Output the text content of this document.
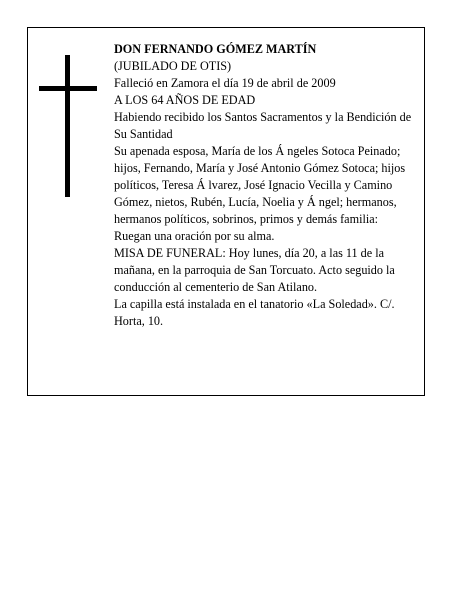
DON FERNANDO GÓMEZ MARTÍN

(JUBILADO DE OTIS)

Falleció en Zamora el día 19 de abril de 2009

A LOS 64 AÑOS DE EDAD

Habiendo recibido los Santos Sacramentos y la Bendición de Su Santidad

Su apenada esposa, María de los Á ngeles Sotoca Peinado; hijos, Fernando, María y José Antonio Gómez Sotoca; hijos políticos, Teresa Á lvarez, José Ignacio Vecilla y Camino Gómez, nietos, Rubén, Lucía, Noelia y Á ngel; hermanos, hermanos políticos, sobrinos, primos y demás familia:

Ruegan una oración por su alma.

MISA DE FUNERAL: Hoy lunes, día 20, a las 11 de la mañana, en la parroquia de San Torcuato. Acto seguido la conducción al cementerio de San Atilano.

La capilla está instalada en el tanatorio «La Soledad». C/. Horta, 10.
